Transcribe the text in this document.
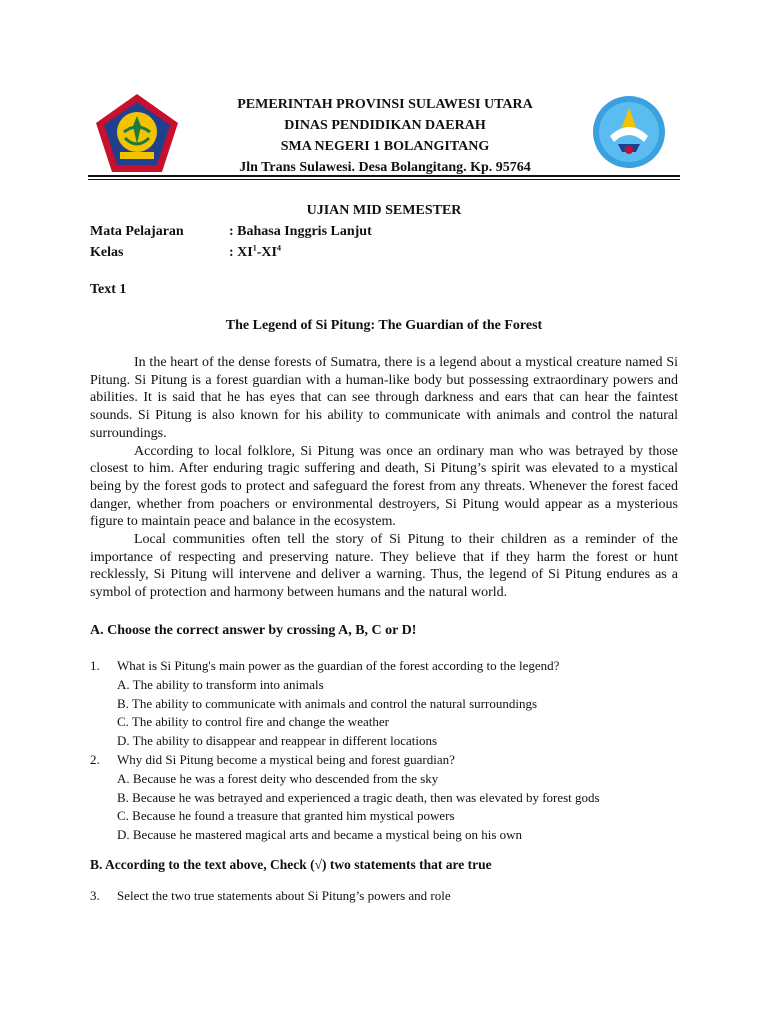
PEMERINTAH PROVINSI SULAWESI UTARA
DINAS PENDIDIKAN DAERAH
SMA NEGERI 1 BOLANGITANG
Jln Trans Sulawesi. Desa Bolangitang. Kp. 95764
UJIAN MID SEMESTER
Mata Pelajaran	: Bahasa Inggris Lanjut
Kelas	: $XI^1-XI^4$
Text 1
The Legend of Si Pitung: The Guardian of the Forest

In the heart of the dense forests of Sumatra, there is a legend about a mystical creature named Si Pitung. Si Pitung is a forest guardian with a human-like body but possessing extraordinary powers and abilities. It is said that he has eyes that can see through darkness and ears that can hear the faintest sounds. Si Pitung is also known for his ability to communicate with animals and control the natural surroundings.

According to local folklore, Si Pitung was once an ordinary man who was betrayed by those closest to him. After enduring tragic suffering and death, Si Pitung’s spirit was elevated to a mystical being by the forest gods to protect and safeguard the forest from any threats. Whenever the forest faced danger, whether from poachers or environmental destroyers, Si Pitung would appear as a mysterious figure to maintain peace and balance in the ecosystem.

Local communities often tell the story of Si Pitung to their children as a reminder of the importance of respecting and preserving nature. They believe that if they harm the forest or hunt recklessly, Si Pitung will intervene and deliver a warning. Thus, the legend of Si Pitung endures as a symbol of protection and harmony between humans and the natural world.

A. Choose the correct answer by crossing A, B, C or D!
1.	What is Si Pitung's main power as the guardian of the forest according to the legend?
A. The ability to transform into animals
B. The ability to communicate with animals and control the natural surroundings
C. The ability to control fire and change the weather
D. The ability to disappear and reappear in different locations
2.	Why did Si Pitung become a mystical being and forest guardian?
A. Because he was a forest deity who descended from the sky
B. Because he was betrayed and experienced a tragic death, then was elevated by forest gods
C. Because he found a treasure that granted him mystical powers
D. Because he mastered magical arts and became a mystical being on his own
B. According to the text above, Check (√) two statements that are true
3.	Select the two true statements about Si Pitung’s powers and role
